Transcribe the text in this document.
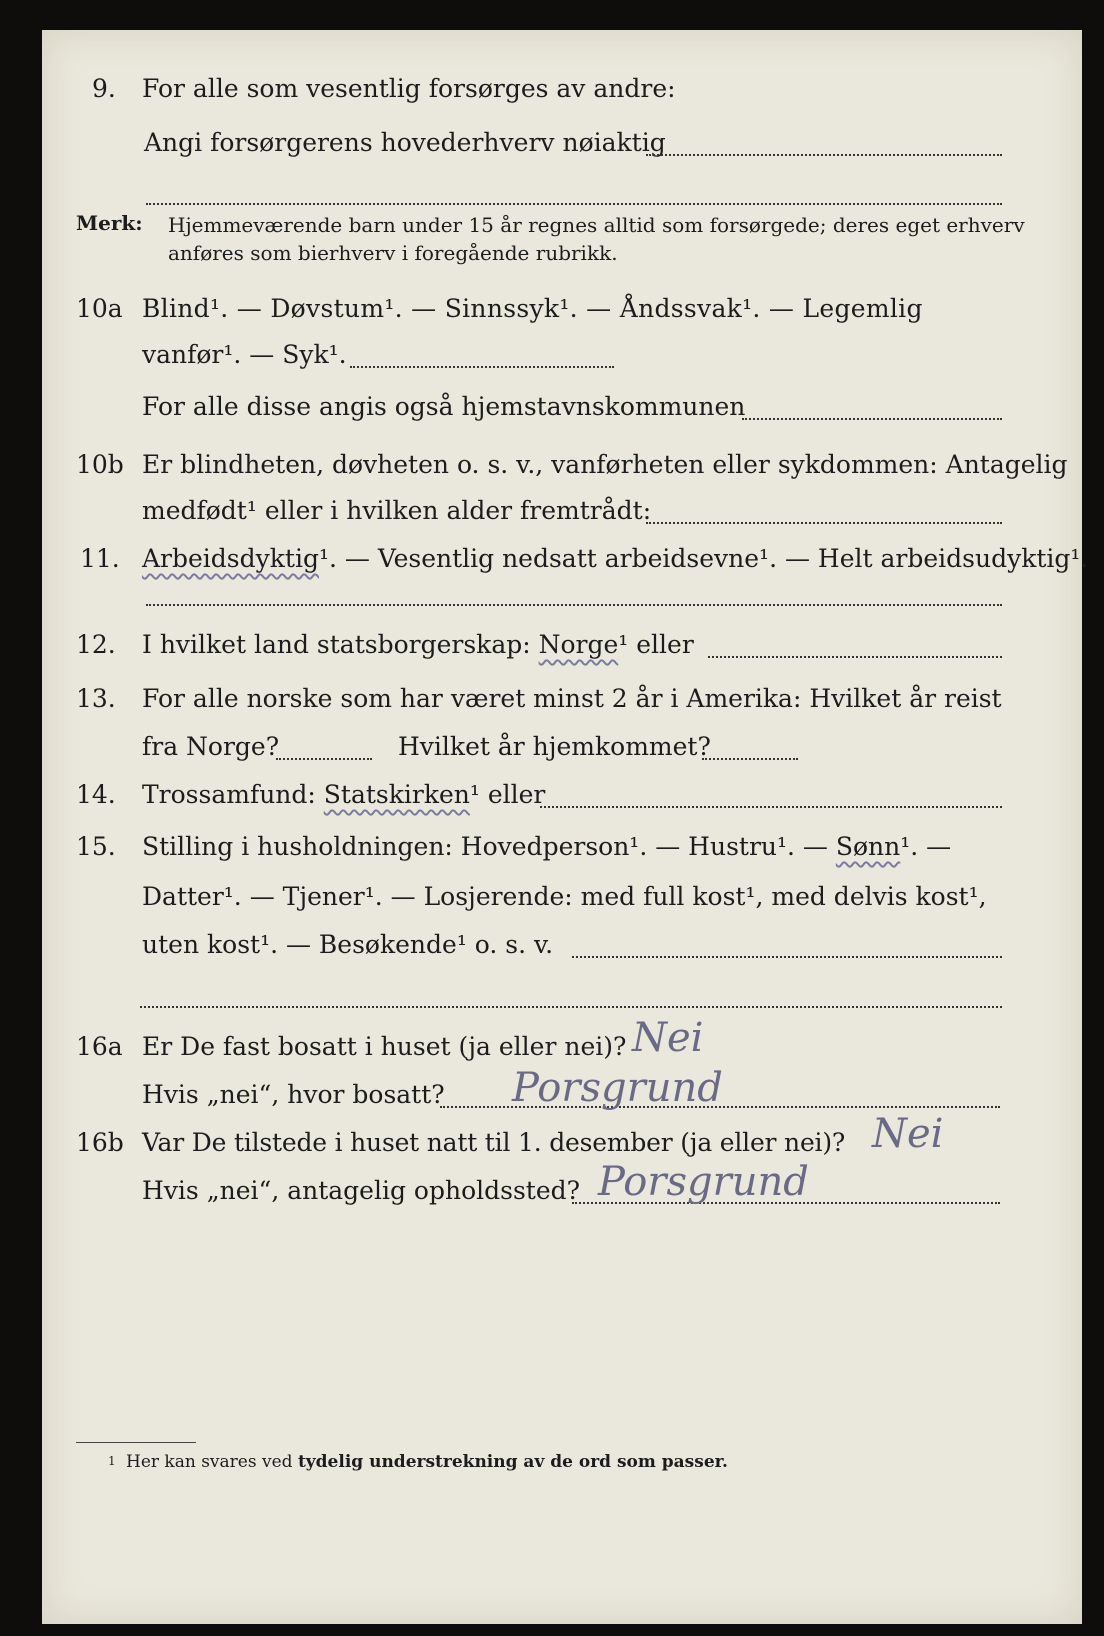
9. For alle som vesentlig forsørges av andre:
Angi forsørgerens hovederhverv nøiaktig
Merk: Hjemmeværende barn under 15 år regnes alltid som forsørgede; deres eget erhverv
anføres som bierhverv i foregående rubrikk.
10a Blind¹. — Døvstum¹. — Sinnssyk¹. — Åndssvak¹. — Legemlig
vanfør¹. — Syk¹.
For alle disse angis også hjemstavnskommunen
10b Er blindheten, døvheten o. s. v., vanførheten eller sykdommen: Antagelig
medfødt¹ eller i hvilken alder fremtrådt:
11. Arbeidsdyktig¹. — Vesentlig nedsatt arbeidsevne¹. — Helt arbeidsudyktig¹.
12. I hvilket land statsborgerskap: Norge¹ eller
13. For alle norske som har været minst 2 år i Amerika: Hvilket år reist
fra Norge?	Hvilket år hjemkommet?
14. Trossamfund: Statskirken¹ eller
15. Stilling i husholdningen: Hovedperson¹. — Hustru¹. — Sønn¹. —
Datter¹. — Tjener¹. — Losjerende: med full kost¹, med delvis kost¹,
uten kost¹. — Besøkende¹ o. s. v.
16a Er De fast bosatt i huset (ja eller nei)? Nei
Hvis „nei“, hvor bosatt? Porsgrund
16b Var De tilstede i huset natt til 1. desember (ja eller nei)? Nei
Hvis „nei“, antagelig opholdssted? Porsgrund
1 Her kan svares ved tydelig understrekning av de ord som passer.
